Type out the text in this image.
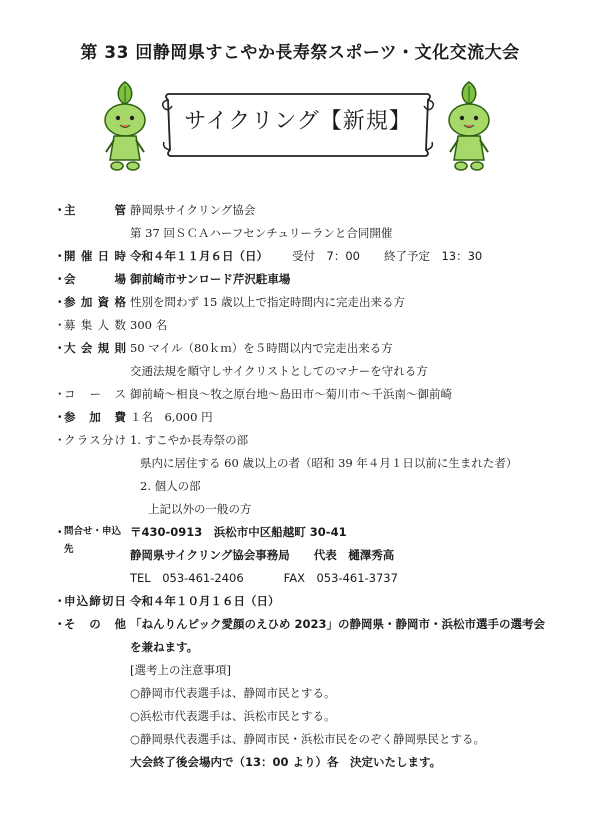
第 33 回静岡県すこやか長寿祭スポーツ・文化交流大会
サイクリング【新規】
・
主　管 静岡県サイクリング協会
第 37 回ＳＣＡハーフセンチュリーランと合同開催
・
開催日時 令和４年１１月６日（日） 受付　7：00 終了予定　13：30
・
会　場 御前崎市サンロード芹沢駐車場
・
参加資格 性別を問わず 15 歳以上で指定時間内に完走出来る方
・
募集人数 300 名
・
大会規則 50 マイル（80ｋｍ）を５時間以内で完走出来る方
交通法規を順守しサイクリストとしてのマナーを守れる方
・
コース 御前崎～相良～牧之原台地～島田市～菊川市～千浜南～御前崎
・
参加費 １名　6,000 円
・
クラス分け 1. すこやか長寿祭の部
県内に居住する 60 歳以上の者（昭和 39 年４月１日以前に生まれた者）
2. 個人の部
上記以外の一般の方
・
問合せ・申込先
〒430-0913　浜松市中区船越町 30-41
静岡県サイクリング協会事務局 代表　樋澤秀高
TEL　053-461-2406	FAX　053-461-3737
・
申込締切日 令和４年１０月１６日（日）
・
そ　の　他 「ねんりんピック愛顔のえひめ 2023」の静岡県・静岡市・浜松市選手の選考会
を兼ねます。
[選考上の注意事項]
○静岡市代表選手は、静岡市民とする。
○浜松市代表選手は、浜松市民とする。
○静岡県代表選手は、静岡市民・浜松市民をのぞく静岡県民とする。
大会終了後会場内で（13：00 より）各　決定いたします。
